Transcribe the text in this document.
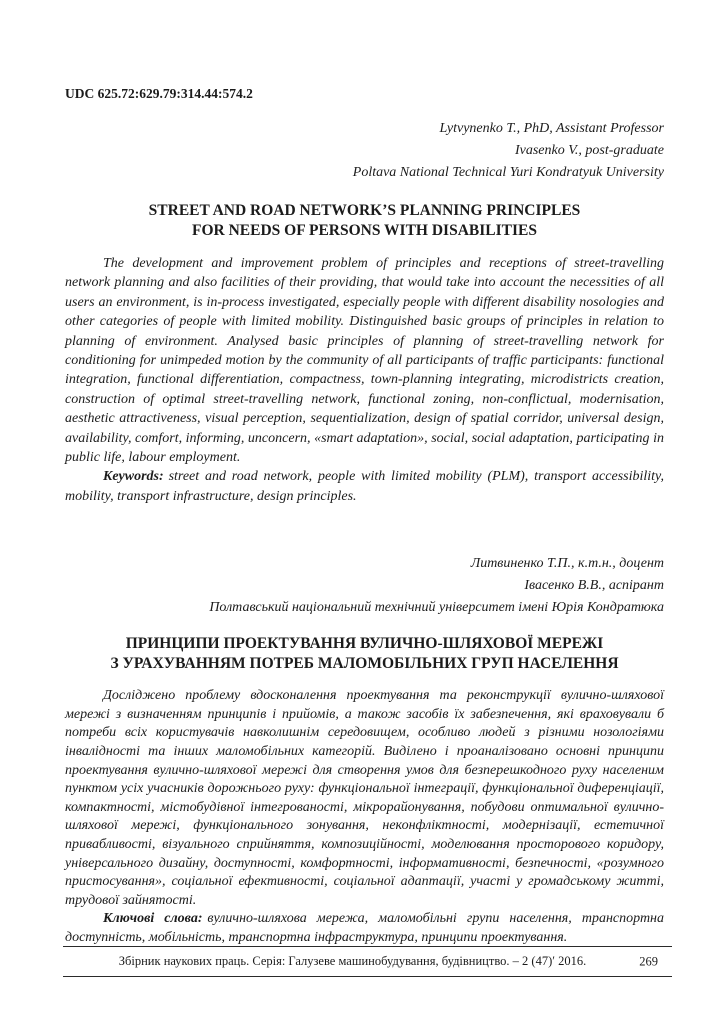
UDC 625.72:629.79:314.44:574.2
Lytvynenko T., PhD, Assistant Professor
Ivasenko V., post-graduate
Poltava National Technical Yuri Kondratyuk University
STREET AND ROAD NETWORK’S PLANNING PRINCIPLES
FOR NEEDS OF PERSONS WITH DISABILITIES

The development and improvement problem of principles and receptions of street-travelling network planning and also facilities of their providing, that would take into account the necessities of all users an environment, is in-process investigated, especially people with different disability nosologies and other categories of people with limited mobility. Distinguished basic groups of principles in relation to planning of environment. Analysed basic principles of planning of street-travelling network for conditioning for unimpeded motion by the community of all participants of traffic participants: functional integration, functional differentiation, compactness, town-planning integrating, microdistricts creation, construction of optimal street-travelling network, functional zoning, non-conflictual, modernisation, aesthetic attractiveness, visual perception, sequentialization, design of spatial corridor, universal design, availability, comfort, informing, unconcern, «smart adaptation», social, social adaptation, participating in public life, labour employment.

Keywords: street and road network, people with limited mobility (PLM), transport accessibility, mobility, transport infrastructure, design principles.

Литвиненко Т.П., к.т.н., доцент
Івасенко В.В., аспірант
Полтавський національний технічний університет імені Юрія Кондратюка
ПРИНЦИПИ ПРОЕКТУВАННЯ ВУЛИЧНО-ШЛЯХОВОЇ МЕРЕЖІ
З УРАХУВАННЯМ ПОТРЕБ МАЛОМОБІЛЬНИХ ГРУП НАСЕЛЕННЯ

Досліджено проблему вдосконалення проектування та реконструкції вулично-шляхової мережі з визначенням принципів і прийомів, а також засобів їх забезпечення, які враховували б потреби всіх користувачів навколишнім середовищем, особливо людей з різними нозологіями інвалідності та інших маломобільних категорій. Виділено і проаналізовано основні принципи проектування вулично-шляхової мережі для створення умов для безперешкодного руху населеним пунктом усіх учасників дорожнього руху: функціональної інтеграції, функціональної диференціації, компактності, містобудівної інтегрованості, мікрорайонування, побудови оптимальної вулично-шляхової мережі, функціонального зонування, неконфліктності, модернізації, естетичної привабливості, візуального сприйняття, композиційності, моделювання просторового коридору, універсального дизайну, доступності, комфортності, інформативності, безпечності, «розумного пристосування», соціальної ефективності, соціальної адаптації, участі у громадському житті, трудової зайнятості.

Ключові слова: вулично-шляхова мережа, маломобільні групи населення, транспортна доступність, мобільність, транспортна інфраструктура, принципи проектування.

Збірник наукових праць. Серія: Галузеве машинобудування, будівництво. – 2 (47)′ 2016.	269
